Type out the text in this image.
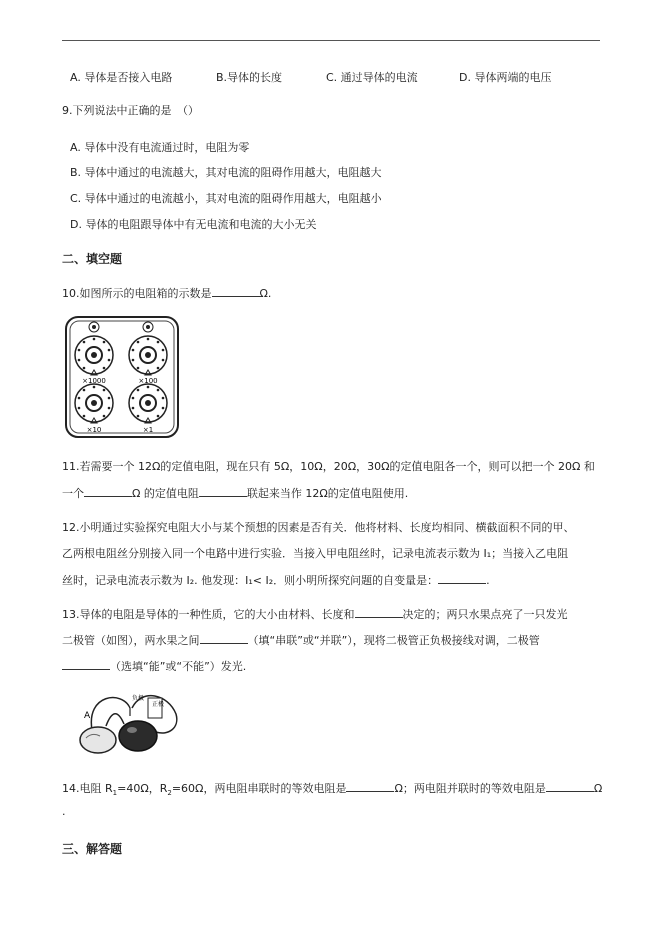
A. 导体是否接入电路	B.导体的长度	C. 通过导体的电流	D. 导体两端的电压
9.下列说法中正确的是　（）
A. 导体中没有电流通过时，电阻为零
B. 导体中通过的电流越大，其对电流的阻碍作用越大，电阻越大
C. 导体中通过的电流越小，其对电流的阻碍作用越大，电阻越小
D. 导体的电阻跟导体中有无电流和电流的大小无关
二、填空题
10.如图所示的电阻箱的示数是	Ω.
×1000	×100
×10	×1
11.若需要一个 12Ω的定值电阻，现在只有 5Ω，10Ω，20Ω，30Ω的定值电阻各一个，则可以把一个 20Ω 和
一个	Ω 的定值电阻	联起来当作 12Ω的定值电阻使用.
12.小明通过实验探究电阻大小与某个预想的因素是否有关．他将材料、长度均相同、横截面积不同的甲、
乙两根电阻丝分别接入同一个电路中进行实验．当接入甲电阻丝时，记录电流表示数为 I₁；当接入乙电阻
丝时，记录电流表示数为 I₂. 他发现：I₁< I₂．则小明所探究问题的自变量是：	.
13.导体的电阻是导体的一种性质，它的大小由材料、长度和	决定的；两只水果点亮了一只发光
二极管（如图），两水果之间	（填“串联”或“并联”），现将二极管正负极接线对调，二极管
（选填“能”或“不能”）发光.
A
正极
负极
14.电阻 $R_1=40\Omega$，$R_2=60\Omega$，两电阻串联时的等效电阻是	Ω；两电阻并联时的等效电阻是	Ω
.
三、解答题
